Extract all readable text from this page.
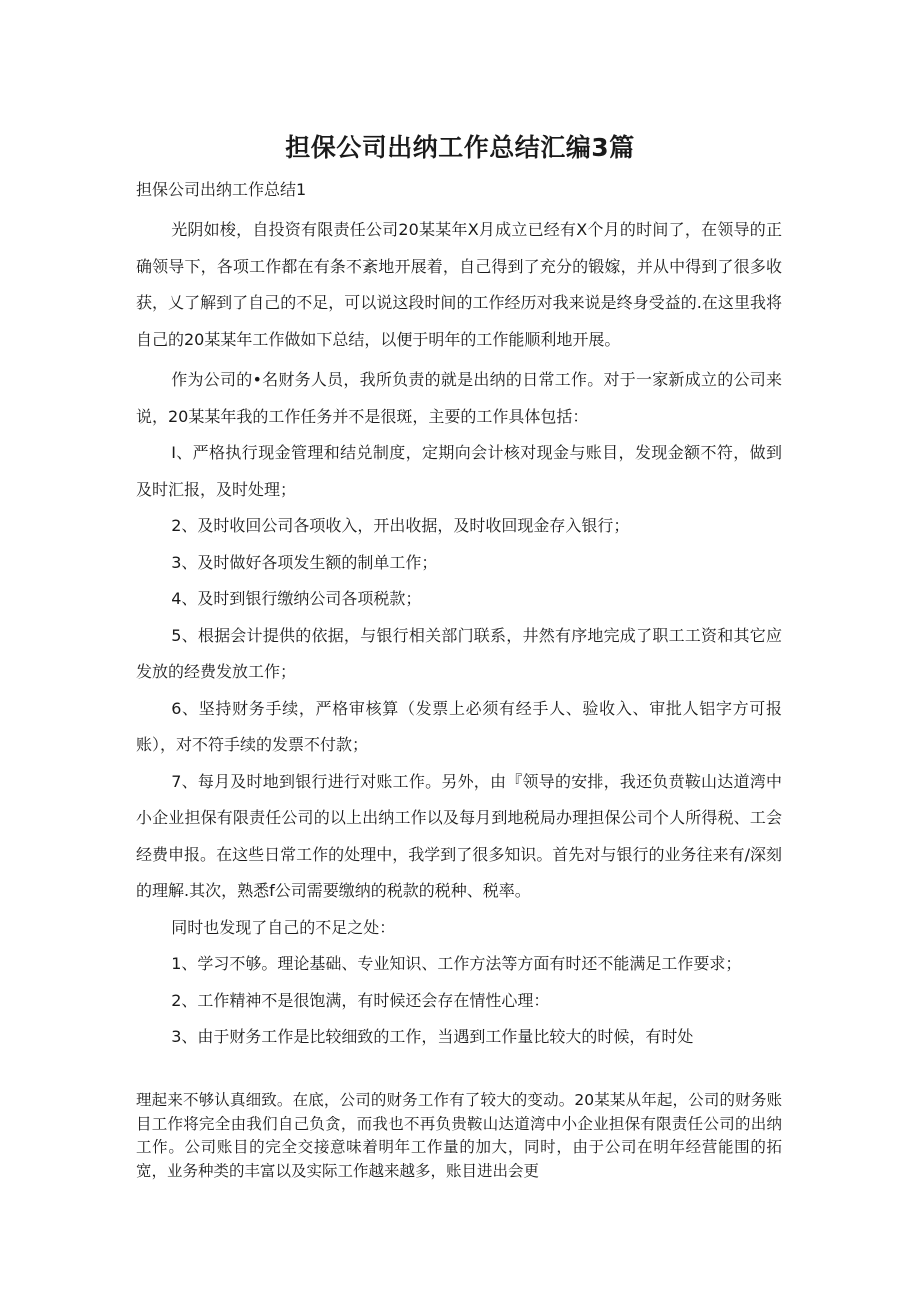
担保公司出纳工作总结汇编3篇
担保公司出纳工作总结1

光阴如梭，自投资有限责任公司20某某年X月成立已经有X个月的时间了，在领导的正确领导下，各项工作都在有条不紊地开展着，自己得到了充分的锻嫁，并从中得到了很多收获，乂了解到了自己的不足，可以说这段时间的工作经历对我来说是终身受益的.在这里我将自己的20某某年工作做如下总结，以便于明年的工作能顺利地开展。

作为公司的•名财务人员，我所负责的就是出纳的日常工作。对于一家新成立的公司来说，20某某年我的工作任务并不是很斑，主要的工作具体包括：

I、严格执行现金管理和结兑制度，定期向会计核对现金与账目，发现金额不符，做到及时汇报，及时处理；

2、及时收回公司各项收入，开出收据，及时收回现金存入银行；

3、及时做好各项发生额的制单工作；

4、及时到银行缴纳公司各项税款；

5、根据会计提供的依据，与银行相关部门联系，井然有序地完成了职工工资和其它应发放的经费发放工作；

6、坚持财务手续，严格审核算（发票上必须有经手人、验收入、审批人铝字方可报账），对不符手续的发票不付款；

7、每月及时地到银行进行对账工作。另外，由『领导的安排，我还负贲鞍山达道湾中小企业担保有限责任公司的以上出纳工作以及每月到地税局办理担保公司个人所得税、工会经费申报。在这些日常工作的处理中，我学到了很多知识。首先对与银行的业务往来有/深刻的理解.其次，熟悉f公司需要缴纳的税款的税种、税率。

同时也发现了自己的不足之处：

1、学习不够。理论基础、专业知识、工作方法等方面有时还不能满足工作要求；

2、工作精神不是很饱满，有时候还会存在情性心理：

3、由于财务工作是比较细致的工作，当遇到工作量比较大的时候，有时处

理起来不够认真细致。在底，公司的财务工作有了较大的变动。20某某从年起，公司的财务账目工作将完全由我们自己负贪，而我也不再负贵鞍山达道湾中小企业担保有限责任公司的出纳工作。公司账目的完全交接意味着明年工作量的加大，同时，由于公司在明年经营能围的拓宽，业务种类的丰富以及实际工作越来越多，账目进出会更
